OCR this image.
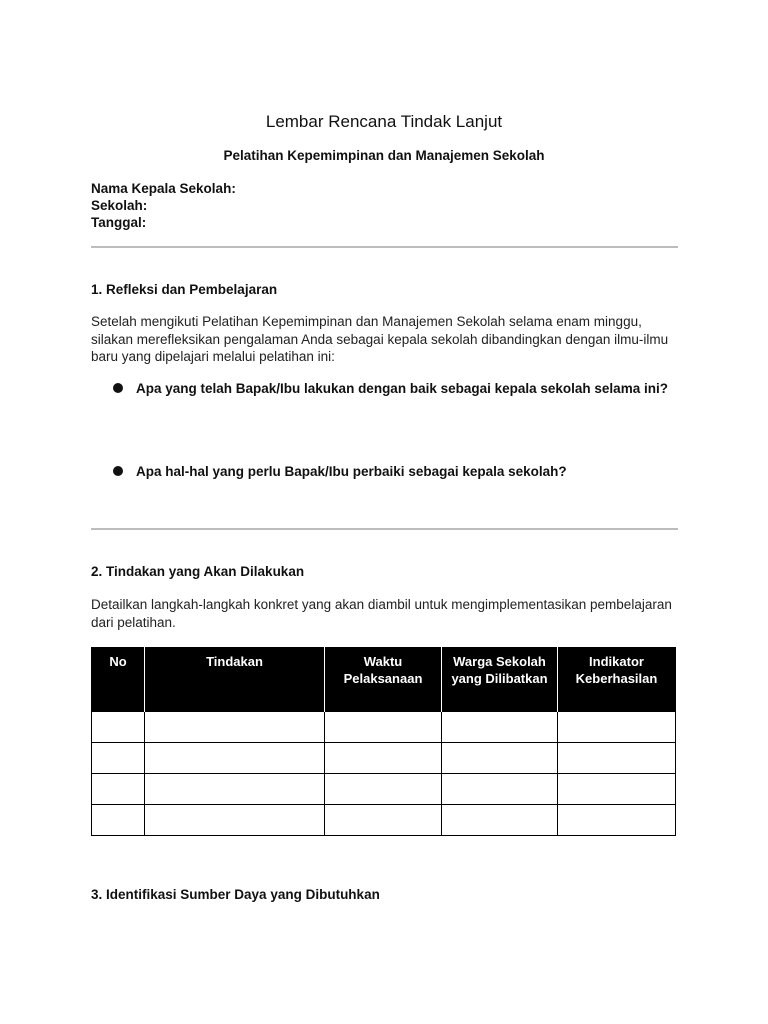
Lembar Rencana Tindak Lanjut
Pelatihan Kepemimpinan dan Manajemen Sekolah
Nama Kepala Sekolah:
Sekolah:
Tanggal:
1. Refleksi dan Pembelajaran
Setelah mengikuti Pelatihan Kepemimpinan dan Manajemen Sekolah selama enam minggu, silakan merefleksikan pengalaman Anda sebagai kepala sekolah dibandingkan dengan ilmu-ilmu baru yang dipelajari melalui pelatihan ini:
Apa yang telah Bapak/Ibu lakukan dengan baik sebagai kepala sekolah selama ini?
Apa hal-hal yang perlu Bapak/Ibu perbaiki sebagai kepala sekolah?
2. Tindakan yang Akan Dilakukan
Detailkan langkah-langkah konkret yang akan diambil untuk mengimplementasikan pembelajaran dari pelatihan.
No	Tindakan	Waktu Pelaksanaan	Warga Sekolah yang Dilibatkan	Indikator Keberhasilan

3. Identifikasi Sumber Daya yang Dibutuhkan
